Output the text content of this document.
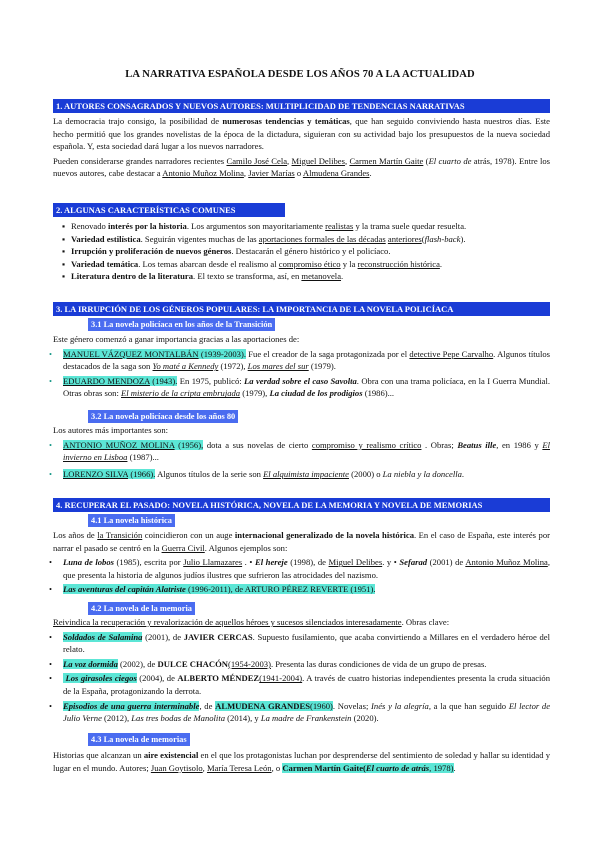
LA NARRATIVA ESPAÑOLA DESDE LOS AÑOS 70 A LA ACTUALIDAD
1. AUTORES CONSAGRADOS Y NUEVOS AUTORES: MULTIPLICIDAD DE TENDENCIAS NARRATIVAS

La democracia trajo consigo, la posibilidad de numerosas tendencias y temáticas, que han seguido conviviendo hasta nuestros días. Este hecho permitió que los grandes novelistas de la época de la dictadura, siguieran con su actividad bajo los presupuestos de la nueva sociedad española. Y, esta sociedad dará lugar a los nuevos narradores.

Pueden considerarse grandes narradores recientes Camilo José Cela, Miguel Delibes, Carmen Martín Gaite (El cuarto de atrás, 1978). Entre los nuevos autores, cabe destacar a Antonio Muñoz Molina, Javier Marías o Almudena Grandes.

2. ALGUNAS CARACTERÍSTICAS COMUNES
▪ Renovado interés por la historia. Los argumentos son mayoritariamente realistas y la trama suele quedar resuelta.
▪ Variedad estilística. Seguirán vigentes muchas de las aportaciones formales de las décadas anteriores(flash-back).
▪ Irrupción y proliferación de nuevos géneros. Destacarán el género histórico y el policíaco.
▪ Variedad temática. Los temas abarcan desde el realismo al compromiso ético y la reconstrucción histórica.
▪ Literatura dentro de la literatura. El texto se transforma, así, en metanovela.
3. LA IRRUPCIÓN DE LOS GÉNEROS POPULARES: LA IMPORTANCIA DE LA NOVELA POLICÍACA
3.1 La novela policíaca en los años de la Transición

Este género comenzó a ganar importancia gracias a las aportaciones de:

• MANUEL VÁZQUEZ MONTALBÁN (1939-2003). Fue el creador de la saga protagonizada por el detective Pepe Carvalho. Algunos títulos destacados de la saga son Yo maté a Kennedy (1972), Los mares del sur (1979).

• EDUARDO MENDOZA (1943). En 1975, publicó: La verdad sobre el caso Savolta. Obra con una trama policíaca, en la I Guerra Mundial. Otras obras son: El misterio de la cripta embrujada (1979), La ciudad de los prodigios (1986)...

3.2 La novela policíaca desde los años 80

Los autores más importantes son:

• ANTONIO MUÑOZ MOLINA (1956), dota a sus novelas de cierto compromiso y realismo crítico . Obras; Beatus ille, en 1986 y El invierno en Lisboa (1987)...

• LORENZO SILVA (1966). Algunos títulos de la serie son El alquimista impaciente (2000) o La niebla y la doncella.

4. RECUPERAR EL PASADO: NOVELA HISTÓRICA, NOVELA DE LA MEMORIA Y NOVELA DE MEMORIAS
4.1 La novela histórica

Los años de la Transición coincidieron con un auge internacional generalizado de la novela histórica. En el caso de España, este interés por narrar el pasado se centró en la Guerra Civil. Algunos ejemplos son:

• Luna de lobos (1985), escrita por Julio Llamazares . • El hereje (1998), de Miguel Delibes. y • Sefarad (2001) de Antonio Muñoz Molina, que presenta la historia de algunos judíos ilustres que sufrieron las atrocidades del nazismo.

• Las aventuras del capitán Alatriste (1996-2011), de ARTURO PÉREZ REVERTE (1951).

4.2 La novela de la memoria

Reivindica la recuperación y revalorización de aquellos héroes y sucesos silenciados interesadamente. Obras clave:

• Soldados de Salamina (2001), de JAVIER CERCAS. Supuesto fusilamiento, que acaba convirtiendo a Millares en el verdadero héroe del relato.

• La voz dormida (2002), de DULCE CHACÓN(1954-2003). Presenta las duras condiciones de vida de un grupo de presas.

• Los girasoles ciegos (2004), de ALBERTO MÉNDEZ(1941-2004). A través de cuatro historias independientes presenta la cruda situación de la España, protagonizando la derrota.

• Episodios de una guerra interminable, de ALMUDENA GRANDES(1960). Novelas; Inés y la alegría, a la que han seguido El lector de Julio Verne (2012), Las tres bodas de Manolita (2014), y La madre de Frankenstein (2020).

4.3 La novela de memorias

Historias que alcanzan un aire existencial en el que los protagonistas luchan por desprenderse del sentimiento de soledad y hallar su identidad y lugar en el mundo. Autores; Juan Goytisolo, María Teresa León, o Carmen Martín Gaite(El cuarto de atrás, 1978).
